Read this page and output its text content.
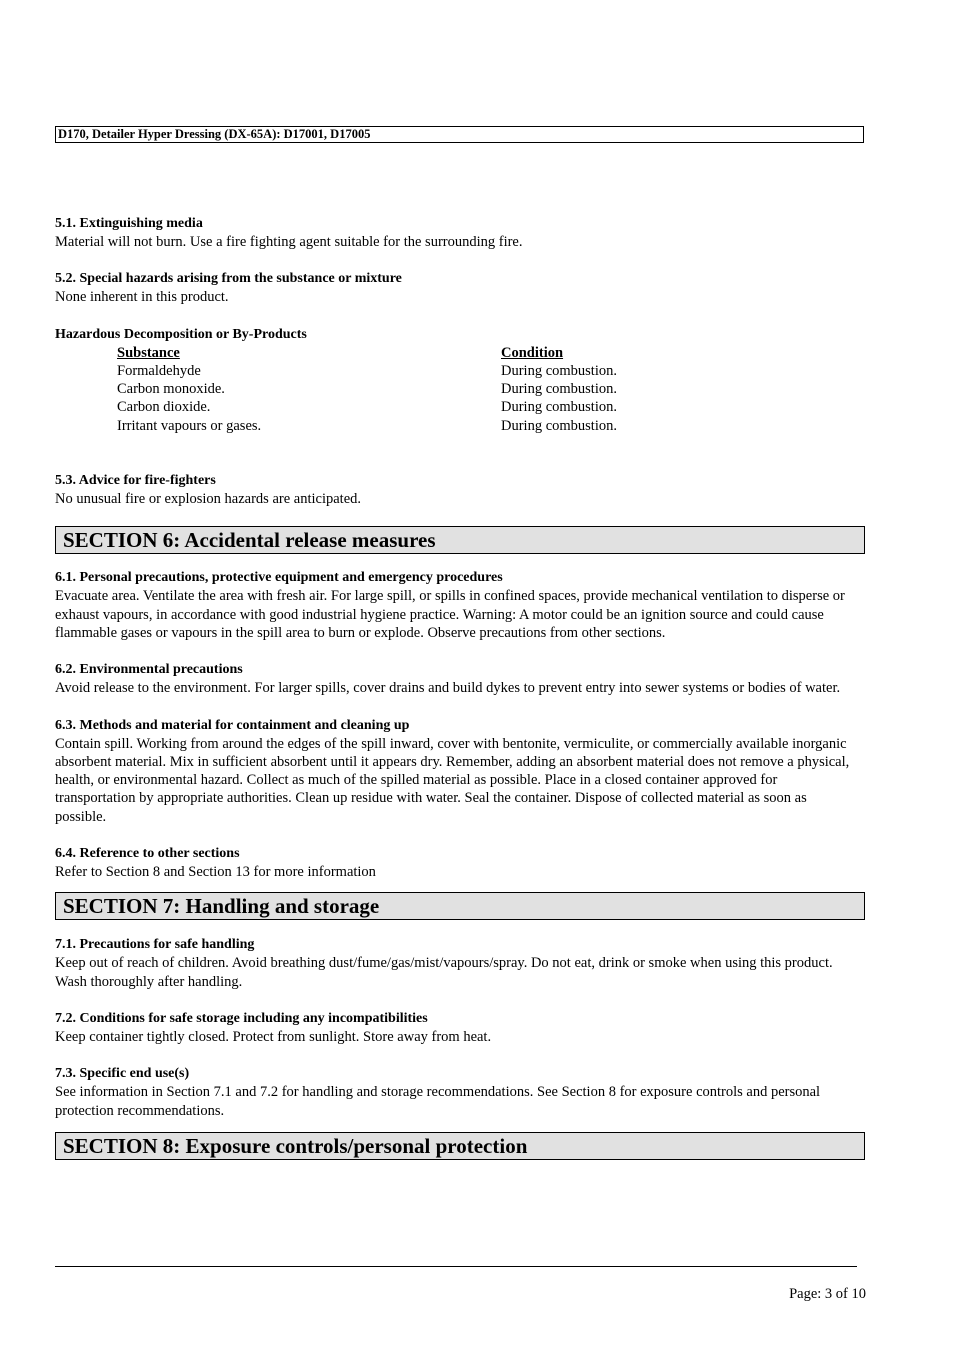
D170, Detailer Hyper Dressing (DX-65A): D17001, D17005
5.1. Extinguishing media
Material will not burn. Use a fire fighting agent suitable for the surrounding fire.
5.2. Special hazards arising from the substance or mixture
None inherent in this product.
Hazardous Decomposition or By-Products
Substance	Condition
Formaldehyde	During combustion.
Carbon monoxide.	During combustion.
Carbon dioxide.	During combustion.
Irritant vapours or gases.	During combustion.
5.3. Advice for fire-fighters
No unusual fire or explosion hazards are anticipated.
SECTION 6: Accidental release measures
6.1. Personal precautions, protective equipment and emergency procedures
Evacuate area. Ventilate the area with fresh air. For large spill, or spills in confined spaces, provide mechanical ventilation to disperse or exhaust vapours, in accordance with good industrial hygiene practice. Warning: A motor could be an ignition source and could cause flammable gases or vapours in the spill area to burn or explode. Observe precautions from other sections.
6.2. Environmental precautions
Avoid release to the environment. For larger spills, cover drains and build dykes to prevent entry into sewer systems or bodies of water.
6.3. Methods and material for containment and cleaning up
Contain spill. Working from around the edges of the spill inward, cover with bentonite, vermiculite, or commercially available inorganic absorbent material. Mix in sufficient absorbent until it appears dry. Remember, adding an absorbent material does not remove a physical, health, or environmental hazard. Collect as much of the spilled material as possible. Place in a closed container approved for transportation by appropriate authorities. Clean up residue with water. Seal the container. Dispose of collected material as soon as possible.
6.4. Reference to other sections
Refer to Section 8 and Section 13 for more information
SECTION 7: Handling and storage
7.1. Precautions for safe handling
Keep out of reach of children. Avoid breathing dust/fume/gas/mist/vapours/spray. Do not eat, drink or smoke when using this product. Wash thoroughly after handling.
7.2. Conditions for safe storage including any incompatibilities
Keep container tightly closed. Protect from sunlight. Store away from heat.
7.3. Specific end use(s)
See information in Section 7.1 and 7.2 for handling and storage recommendations. See Section 8 for exposure controls and personal protection recommendations.
SECTION 8: Exposure controls/personal protection
Page: 3 of 10
